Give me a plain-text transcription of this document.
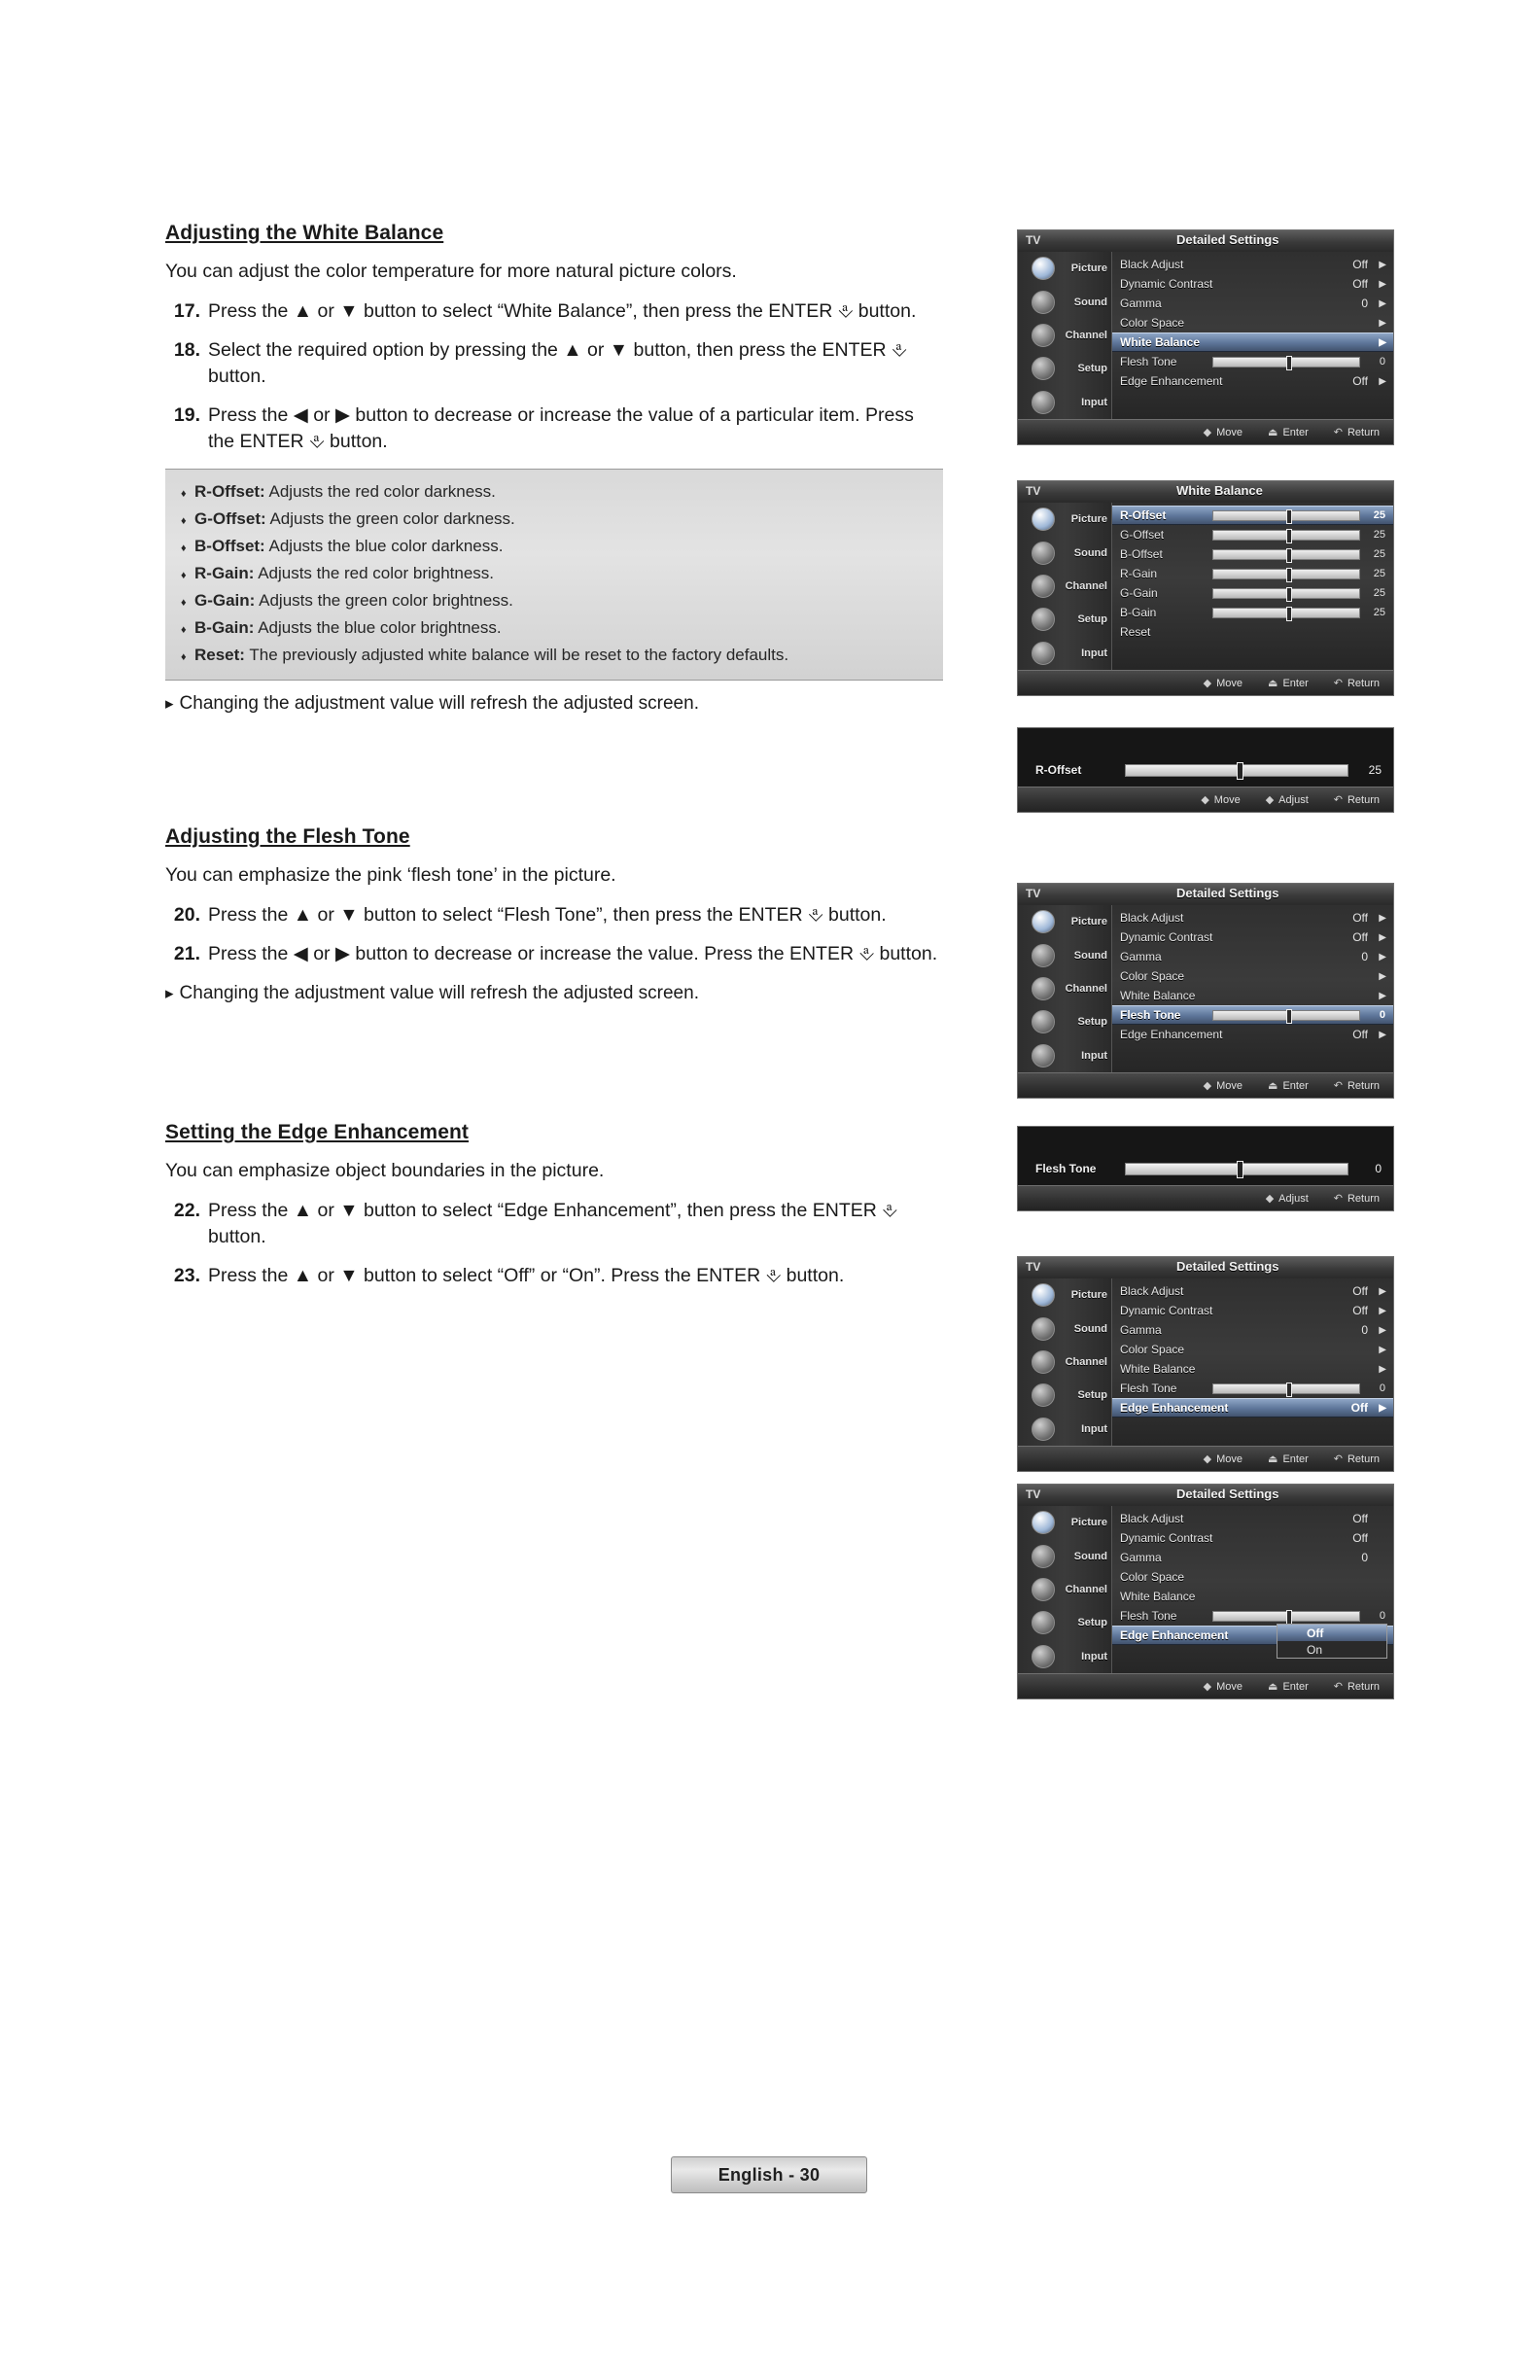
Adjusting the White Balance
You can adjust the color temperature for more natural picture colors.
17. Press the ▲ or ▼ button to select “White Balance”, then press the ENTER ⎀ button.
18. Select the required option by pressing the ▲ or ▼ button, then press the ENTER ⎀ button.
19. Press the ◀ or ▶ button to decrease or increase the value of a particular item. Press the ENTER ⎀ button.
♦R-Offset: Adjusts the red color darkness.
♦G-Offset: Adjusts the green color darkness.
♦B-Offset: Adjusts the blue color darkness.
♦R-Gain: Adjusts the red color brightness.
♦G-Gain: Adjusts the green color brightness.
♦B-Gain: Adjusts the blue color brightness.
♦Reset: The previously adjusted white balance will be reset to the factory defaults.
▸ Changing the adjustment value will refresh the adjusted screen.
Adjusting the Flesh Tone
You can emphasize the pink ‘flesh tone’ in the picture.
20. Press the ▲ or ▼ button to select “Flesh Tone”, then press the ENTER ⎀ button.
21. Press the ◀ or ▶ button to decrease or increase the value. Press the ENTER ⎀ button.
▸ Changing the adjustment value will refresh the adjusted screen.
Setting the Edge Enhancement
You can emphasize object boundaries in the picture.
22. Press the ▲ or ▼ button to select “Edge Enhancement”, then press the ENTER ⎀ button.
23. Press the ▲ or ▼ button to select “Off” or “On”. Press the ENTER ⎀ button.
TV	Detailed Settings
Picture
Sound
Channel
Setup
Input
Black Adjust	Off ▶
Dynamic Contrast	Off ▶
Gamma	0 ▶
Color Space	▶
White Balance	▶
Flesh Tone	0
Edge Enhancement	Off ▶
◆ Move ⏏ Enter ↶ Return
TV	White Balance
Picture
Sound
Channel
Setup
Input
R-Offset	25
G-Offset	25
B-Offset	25
R-Gain	25
G-Gain	25
B-Gain	25
Reset
◆ Move ⏏ Enter ↶ Return
R-Offset	25
◆ Move ◆ Adjust ↶ Return
TV	Detailed Settings
Picture
Sound
Channel
Setup
Input
Black Adjust	Off ▶
Dynamic Contrast	Off ▶
Gamma	0 ▶
Color Space	▶
White Balance	▶
Flesh Tone	0
Edge Enhancement	Off ▶
◆ Move ⏏ Enter ↶ Return
Flesh Tone	0
◆ Adjust ↶ Return
TV	Detailed Settings
Picture
Sound
Channel
Setup
Input
Black Adjust	Off ▶
Dynamic Contrast	Off ▶
Gamma	0 ▶
Color Space	▶
White Balance	▶
Flesh Tone	0
Edge Enhancement	Off ▶
◆ Move ⏏ Enter ↶ Return
TV	Detailed Settings
Picture
Sound
Channel
Setup
Input
Black Adjust	Off
Dynamic Contrast	Off
Gamma	0
Color Space
White Balance
Flesh Tone	0
Edge Enhancement	Off
On
◆ Move ⏏ Enter ↶ Return
English - 30
